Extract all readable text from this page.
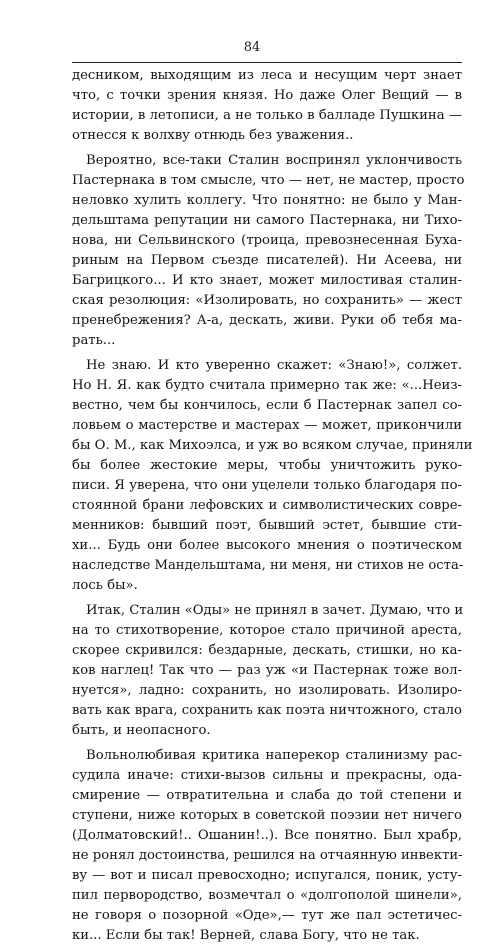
84
десником, выходящим из леса и несущим черт знает
что, с точки зрения князя. Но даже Олег Вещий — в
истории, в летописи, а не только в балладе Пушкина —
отнесся к волхву отнюдь без уважения..
Вероятно, все-таки Сталин воспринял уклончивость
Пастернака в том смысле, что — нет, не мастер, просто
неловко хулить коллегу. Что понятно: не было у Ман-
дельштама репутации ни самого Пастернака, ни Тихо-
нова, ни Сельвинского (троица, превознесенная Буха-
риным на Первом съезде писателей). Ни Асеева, ни
Багрицкого... И кто знает, может милостивая сталин-
ская резолюция: «Изолировать, но сохранить» — жест
пренебрежения? А-а, дескать, живи. Руки об тебя ма-
рать...
Не знаю. И кто уверенно скажет: «Знаю!», солжет.
Но Н. Я. как будто считала примерно так же: «...Неиз-
вестно, чем бы кончилось, если б Пастернак запел со-
ловьем о мастерстве и мастерах — может, прикончили
бы О. М., как Михоэлса, и уж во всяком случае, приняли
бы более жестокие меры, чтобы уничтожить руко-
писи. Я уверена, что они уцелели только благодаря по-
стоянной брани лефовских и символистических совре-
менников: бывший поэт, бывший эстет, бывшие сти-
хи... Будь они более высокого мнения о поэтическом
наследстве Мандельштама, ни меня, ни стихов не оста-
лось бы».
Итак, Сталин «Оды» не принял в зачет. Думаю, что и
на то стихотворение, которое стало причиной ареста,
скорее скривился: бездарные, дескать, стишки, но ка-
ков наглец! Так что — раз уж «и Пастернак тоже вол-
нуется», ладно: сохранить, но изолировать. Изолиро-
вать как врага, сохранить как поэта ничтожного, стало
быть, и неопасного.
Вольнолюбивая критика наперекор сталинизму рас-
судила иначе: стихи-вызов сильны и прекрасны, ода-
смирение — отвратительна и слаба до той степени и
ступени, ниже которых в советской поэзии нет ничего
(Долматовский!.. Ошанин!..). Все понятно. Был храбр,
не ронял достоинства, решился на отчаянную инвекти-
ву — вот и писал превосходно; испугался, поник, усту-
пил первородство, возмечтал о «долгополой шинели»,
не говоря о позорной «Оде»,— тут же пал эстетичес-
ки... Если бы так! Верней, слава Богу, что не так.
